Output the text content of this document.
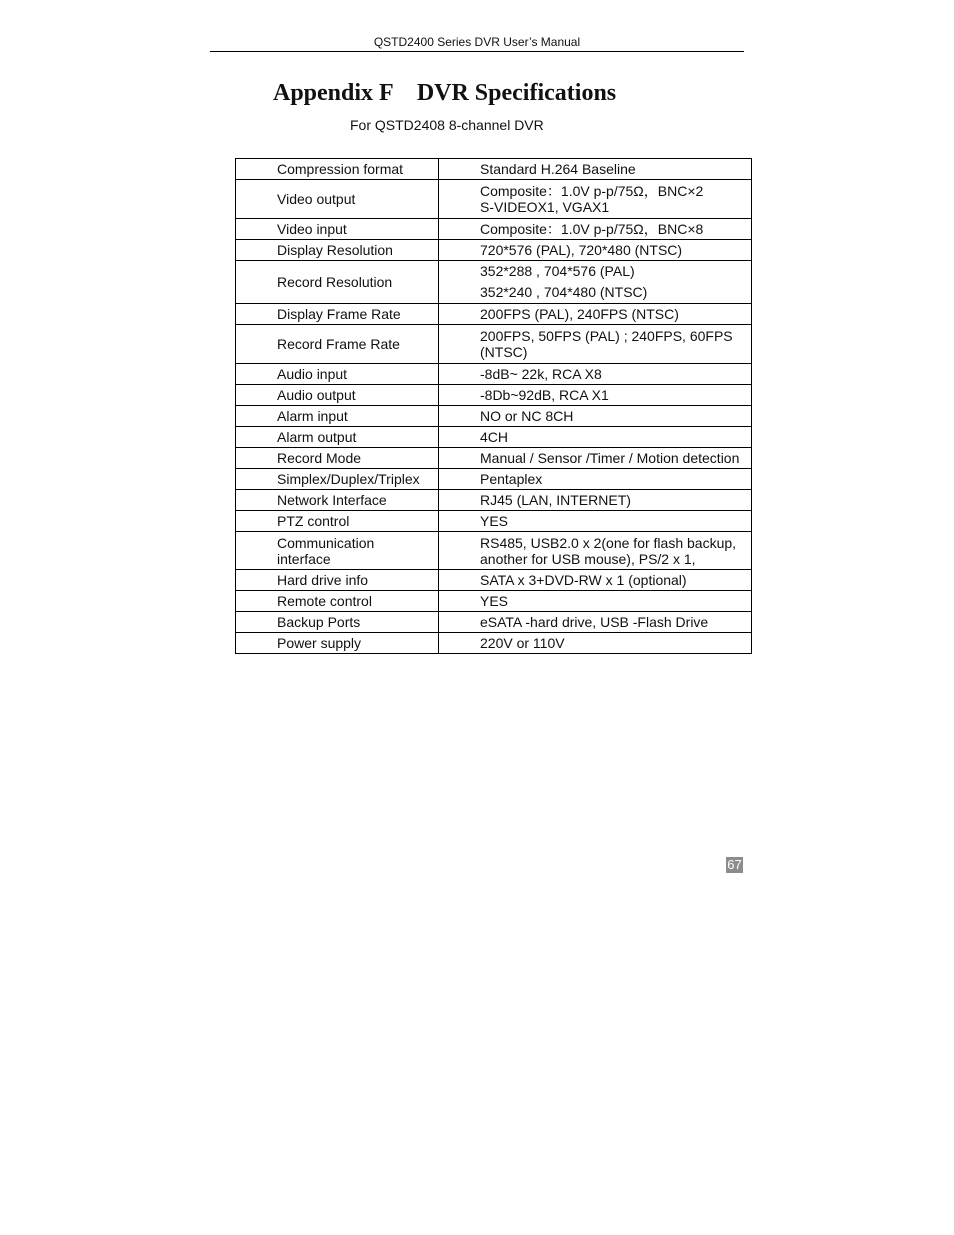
QSTD2400 Series DVR User’s Manual
Appendix F    DVR Specifications
For QSTD2408 8-channel DVR
Compression format	Standard H.264 Baseline
Video output	Composite：1.0V p-p/75Ω，BNC×2
S-VIDEOX1, VGAX1
Video input	Composite：1.0V p-p/75Ω，BNC×8
Display Resolution	720*576 (PAL), 720*480 (NTSC)
Record Resolution	352*288 , 704*576 (PAL)
352*240 , 704*480 (NTSC)
Display Frame Rate	200FPS (PAL), 240FPS (NTSC)
Record Frame Rate	200FPS, 50FPS (PAL) ; 240FPS, 60FPS
(NTSC)
Audio input	-8dB~ 22k, RCA X8
Audio output	-8Db~92dB, RCA X1
Alarm input	NO or NC 8CH
Alarm output	4CH
Record Mode	Manual / Sensor /Timer / Motion detection
Simplex/Duplex/Triplex	Pentaplex
Network Interface	RJ45 (LAN, INTERNET)
PTZ control	YES
Communication
interface	RS485, USB2.0 x 2(one for flash backup,
another for USB mouse), PS/2 x 1,
Hard drive info	SATA x 3+DVD-RW x 1 (optional)
Remote control	YES
Backup Ports	eSATA -hard drive, USB -Flash Drive
Power supply	220V or 110V
67
